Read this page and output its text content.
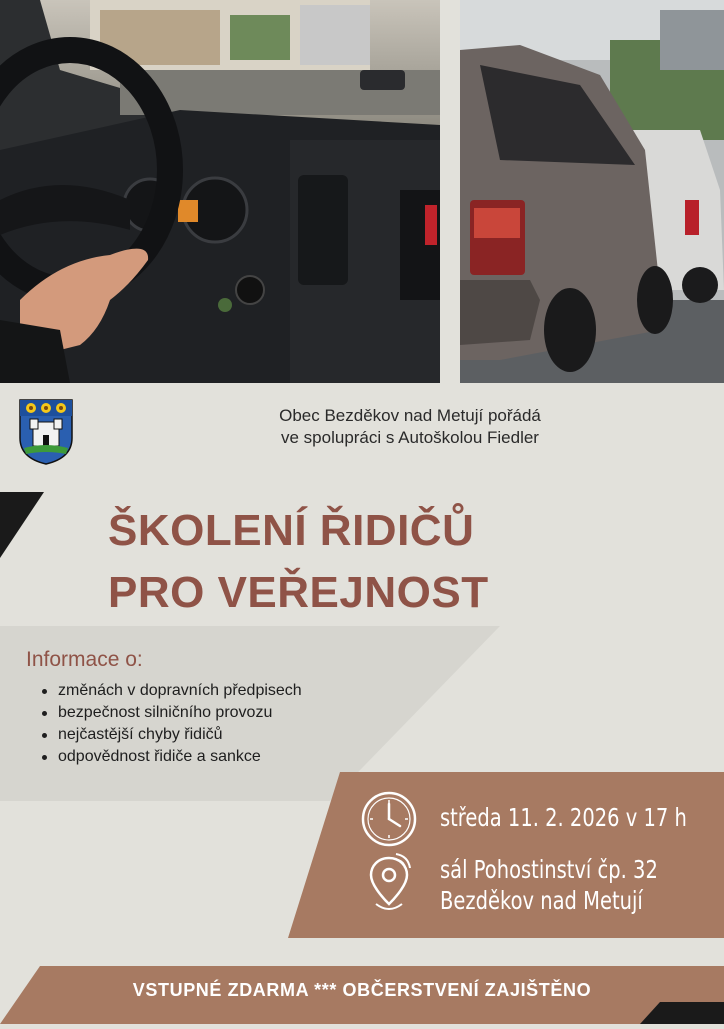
Obec Bezděkov nad Metují pořádá
ve spolupráci s Autoškolou Fiedler
ŠKOLENÍ ŘIDIČŮ
PRO VEŘEJNOST
Informace o:
změnách v dopravních předpisech
bezpečnost silničního provozu
nejčastější chyby řidičů
odpovědnost řidiče a sankce
středa 11. 2. 2026 v 17 h
sál Pohostinství čp. 32
Bezděkov nad Metují
VSTUPNÉ ZDARMA *** OBČERSTVENÍ ZAJIŠTĚNO
